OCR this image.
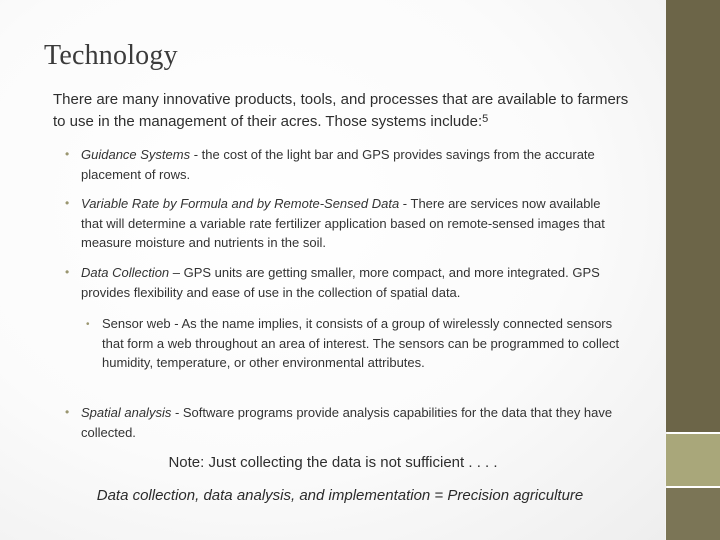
Technology
There are many innovative products, tools, and processes that are available to farmers to use in the management of their acres. Those systems include:$^5$
• Guidance Systems - the cost of the light bar and GPS provides savings from the accurate placement of rows.
• Variable Rate by Formula and by Remote-Sensed Data - There are services now available that will determine a variable rate fertilizer application based on remote-sensed images that measure moisture and nutrients in the soil.
• Data Collection – GPS units are getting smaller, more compact, and more integrated. GPS provides flexibility and ease of use in the collection of spatial data.
• Sensor web - As the name implies, it consists of a group of wirelessly connected sensors that form a web throughout an area of interest. The sensors can be programmed to collect humidity, temperature, or other environmental attributes.
• Spatial analysis - Software programs provide analysis capabilities for the data that they have collected.
Note: Just collecting the data is not sufficient . . . .
Data collection, data analysis, and implementation = Precision agriculture
